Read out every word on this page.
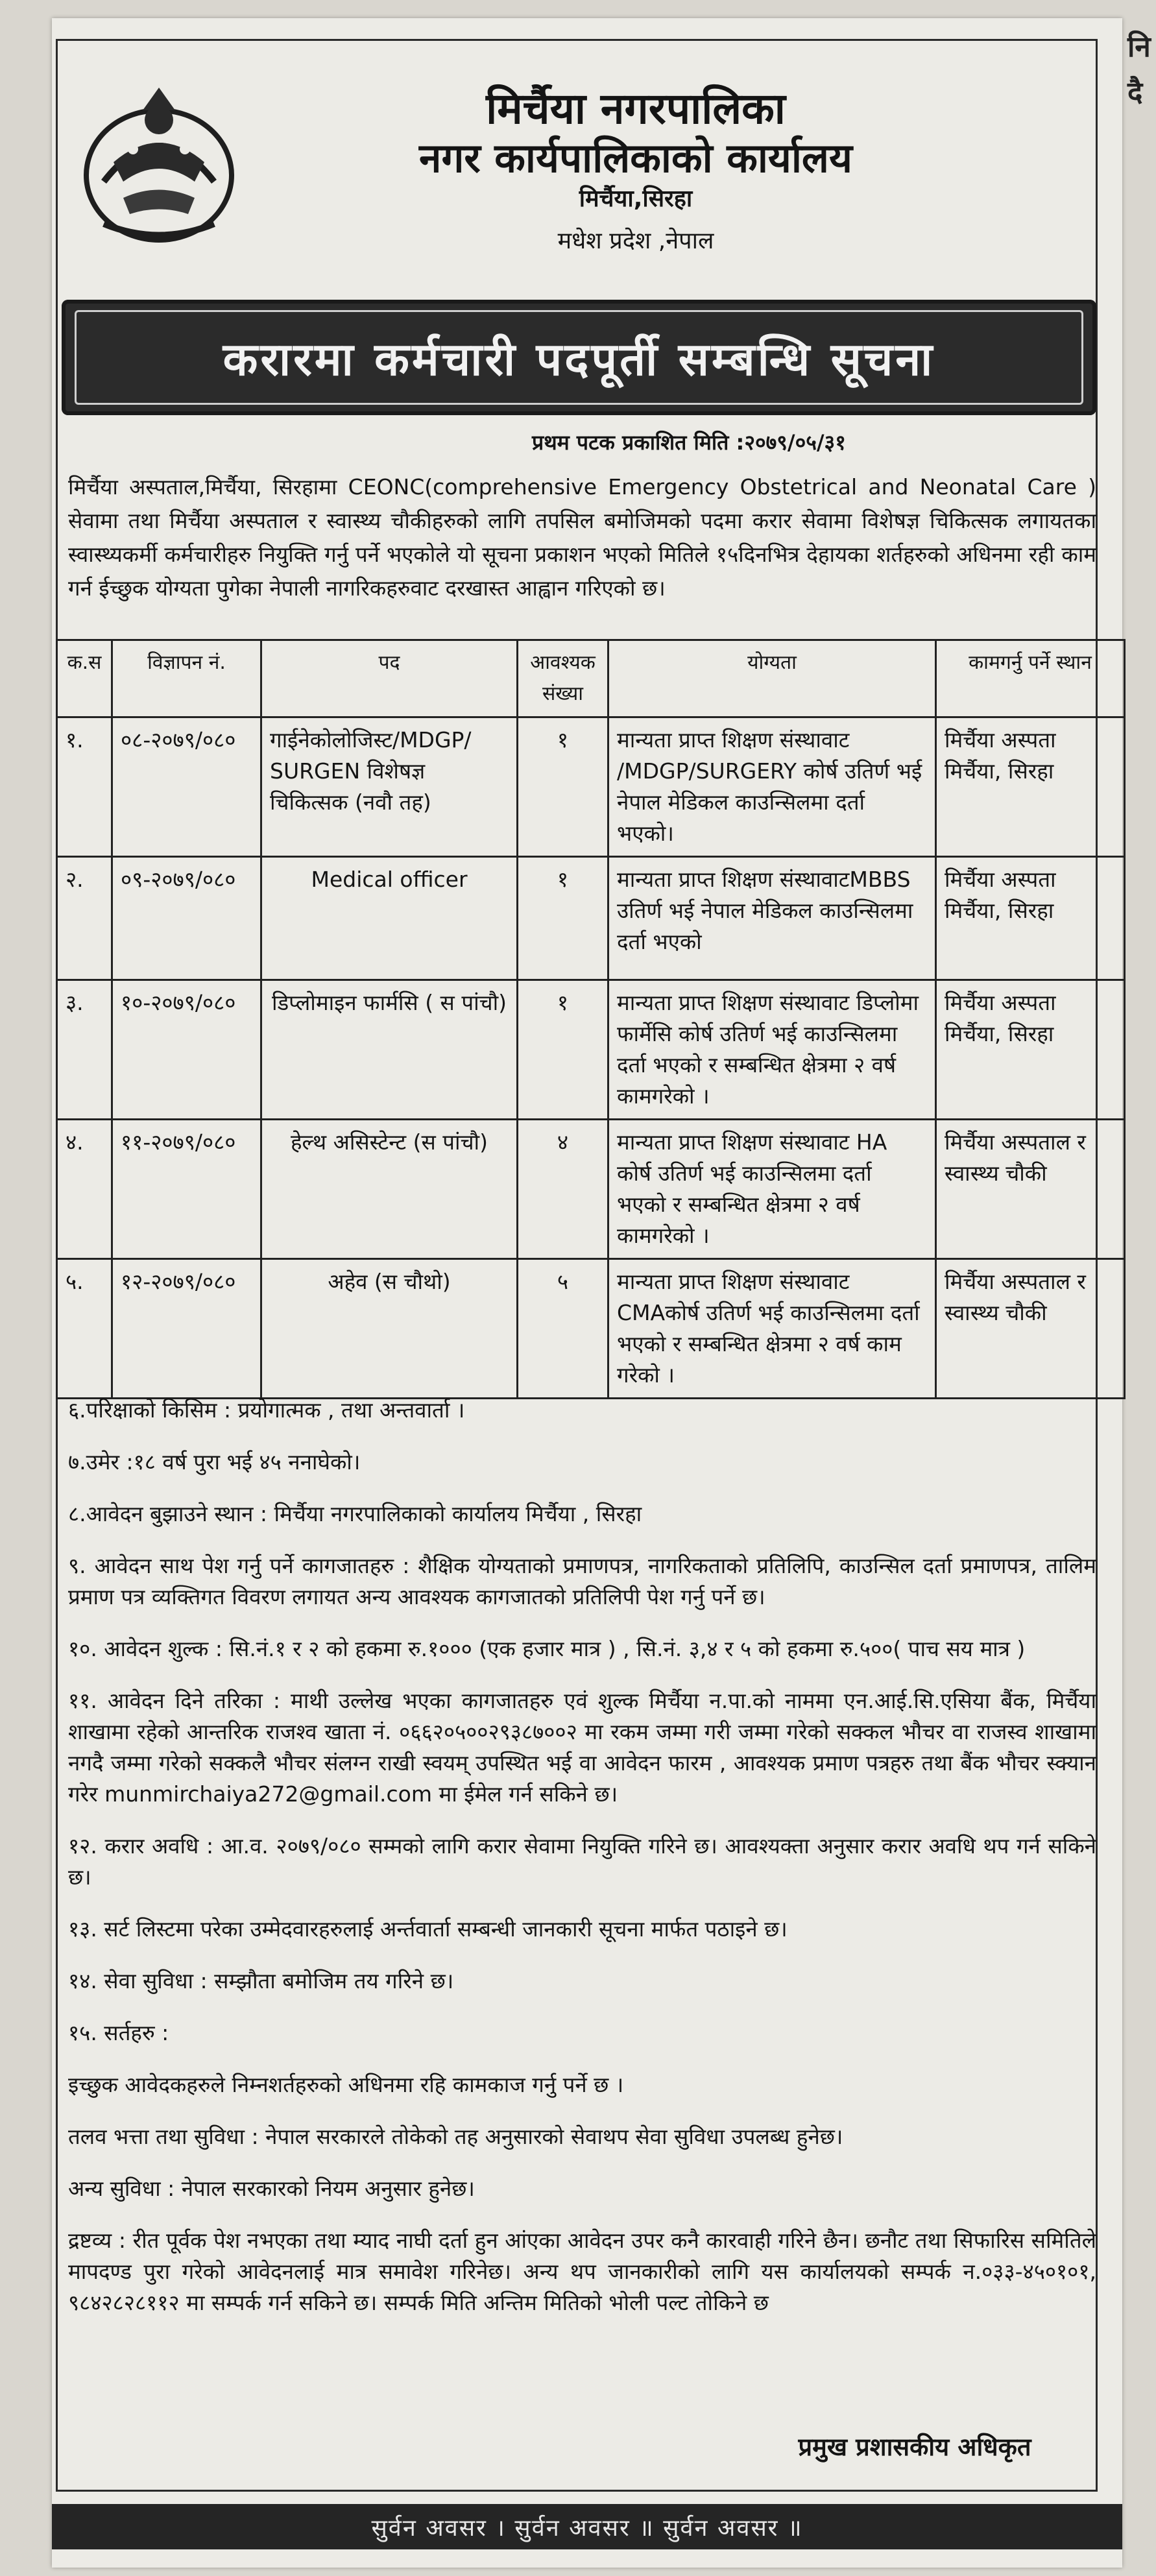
मिर्चैया नगरपालिका
नगर कार्यपालिकाको कार्यालय
मिर्चैया,सिरहा
मधेश प्रदेश ,नेपाल
करारमा कर्मचारी पदपूर्ती सम्बन्धि सूचना
प्रथम पटक प्रकाशित मिति :२०७९/०५/३१
मिर्चैया अस्पताल,मिर्चैया, सिरहामा CEONC(comprehensive Emergency Obstetrical and Neonatal Care ) सेवामा तथा मिर्चैया अस्पताल र स्वास्थ्य चौकीहरुको लागि तपसिल बमोजिमको पदमा करार सेवामा विशेषज्ञ चिकित्सक लगायतका स्वास्थ्यकर्मी कर्मचारीहरु नियुक्ति गर्नु पर्ने भएकोले यो सूचना प्रकाशन भएको मितिले १५दिनभित्र देहायका शर्तहरुको अधिनमा रही काम गर्न ईच्छुक योग्यता पुगेका नेपाली नागरिकहरुवाट दरखास्त आह्वान गरिएको छ।
क.स	विज्ञापन नं.	पद	आवश्यक संख्या	योग्यता	कामगर्नु पर्ने स्थान
१.	०८-२०७९/०८०	गाईनेकोलोजिस्ट/MDGP/ SURGEN विशेषज्ञ चिकित्सक (नवौ तह)	१	मान्यता प्राप्त शिक्षण संस्थावाट /MDGP/SURGERY कोर्ष उतिर्ण भई नेपाल मेडिकल काउन्सिलमा दर्ता भएको।	मिर्चैया अस्पता मिर्चैया, सिरहा
२.	०९-२०७९/०८०	Medical officer	१	मान्यता प्राप्त शिक्षण संस्थावाटMBBS उतिर्ण भई नेपाल मेडिकल काउन्सिलमा दर्ता भएको	मिर्चैया अस्पता मिर्चैया, सिरहा
३.	१०-२०७९/०८०	डिप्लोमाइन फार्मसि ( स पांचौ)	१	मान्यता प्राप्त शिक्षण संस्थावाट डिप्लोमा फार्मेसि कोर्ष उतिर्ण भई काउन्सिलमा दर्ता भएको र सम्बन्धित क्षेत्रमा २ वर्ष कामगरेको ।	मिर्चैया अस्पता मिर्चैया, सिरहा
४.	११-२०७९/०८०	हेल्थ असिस्टेन्ट (स पांचौ)	४	मान्यता प्राप्त शिक्षण संस्थावाट HA कोर्ष उतिर्ण भई काउन्सिलमा दर्ता भएको र सम्बन्धित क्षेत्रमा २ वर्ष कामगरेको ।	मिर्चैया अस्पताल र स्वास्थ्य चौकी
५.	१२-२०७९/०८०	अहेव (स चौथो)	५	मान्यता प्राप्त शिक्षण संस्थावाट CMAकोर्ष उतिर्ण भई काउन्सिलमा दर्ता भएको र सम्बन्धित क्षेत्रमा २ वर्ष काम गरेको ।	मिर्चैया अस्पताल र स्वास्थ्य चौकी

६.परिक्षाको किसिम : प्रयोगात्मक , तथा अन्तवार्ता ।

७.उमेर :१८ वर्ष पुरा भई ४५ ननाघेको।

८.आवेदन बुझाउने स्थान : मिर्चैया नगरपालिकाको कार्यालय मिर्चैया , सिरहा

९. आवेदन साथ पेश गर्नु पर्ने कागजातहरु : शैक्षिक योग्यताको प्रमाणपत्र, नागरिकताको प्रतिलिपि, काउन्सिल दर्ता प्रमाणपत्र, तालिम प्रमाण पत्र व्यक्तिगत विवरण लगायत अन्य आवश्यक कागजातको प्रतिलिपी पेश गर्नु पर्ने छ।

१०. आवेदन शुल्क : सि.नं.१ र २ को हकमा रु.१००० (एक हजार मात्र ) , सि.नं. ३,४ र ५ को हकमा रु.५००( पाच सय मात्र )

११. आवेदन दिने तरिका : माथी उल्लेख भएका कागजातहरु एवं शुल्क मिर्चैया न.पा.को नाममा एन.आई.सि.एसिया बैंक, मिर्चैया शाखामा रहेको आन्तरिक राजश्व खाता नं. ०६६२०५००२९३८७००२ मा रकम जम्मा गरी जम्मा गरेको सक्कल भौचर वा राजस्व शाखामा नगदै जम्मा गरेको सक्कलै भौचर संलग्न राखी स्वयम् उपस्थित भई वा आवेदन फारम , आवश्यक प्रमाण पत्रहरु तथा बैंक भौचर स्क्यान गरेर munmirchaiya272@gmail.com मा ईमेल गर्न सकिने छ।

१२. करार अवधि : आ.व. २०७९/०८० सम्मको लागि करार सेवामा नियुक्ति गरिने छ। आवश्यक्ता अनुसार करार अवधि थप गर्न सकिने छ।

१३. सर्ट लिस्टमा परेका उम्मेदवारहरुलाई अर्न्तवार्ता सम्बन्धी जानकारी सूचना मार्फत पठाइने छ।

१४. सेवा सुविधा : सम्झौता बमोजिम तय गरिने छ।

१५. सर्तहरु :

इच्छुक आवेदकहरुले निम्नशर्तहरुको अधिनमा रहि कामकाज गर्नु पर्ने छ ।

तलव भत्ता तथा सुविधा : नेपाल सरकारले तोकेको तह अनुसारको सेवाथप सेवा सुविधा उपलब्ध हुनेछ।

अन्य सुविधा : नेपाल सरकारको नियम अनुसार हुनेछ।

द्रष्टव्य : रीत पूर्वक पेश नभएका तथा म्याद नाघी दर्ता हुन आंएका आवेदन उपर कनै कारवाही गरिने छैन। छनौट तथा सिफारिस समितिले मापदण्ड पुरा गरेको आवेदनलाई मात्र समावेश गरिनेछ। अन्य थप जानकारीको लागि यस कार्यालयको सम्पर्क न.०३३-४५०१०१, ९८४२८२८११२ मा सम्पर्क गर्न सकिने छ। सम्पर्क मिति अन्तिम मितिको भोली पल्ट तोकिने छ

प्रमुख प्रशासकीय अधिकृत
सुर्वन अवसर । सुर्वन अवसर ॥ सुर्वन अवसर ॥
नि
दै
